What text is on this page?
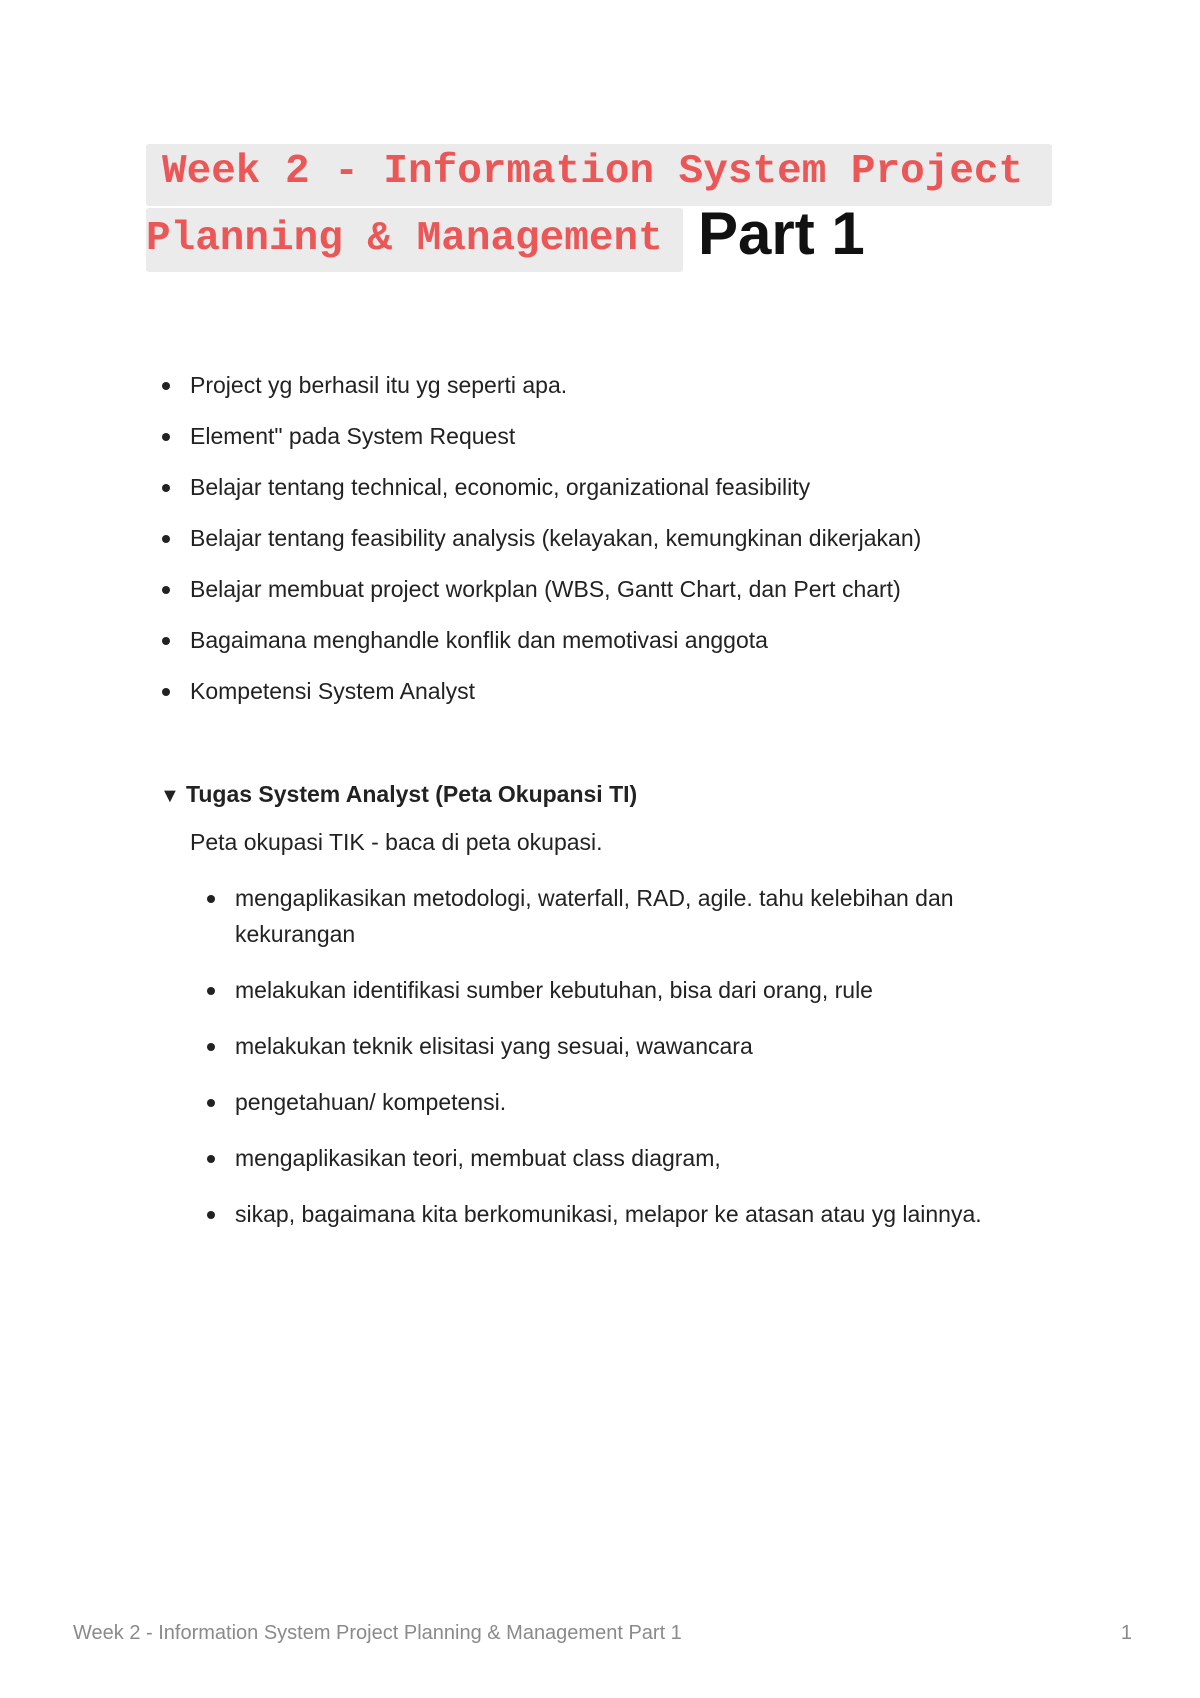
Week 2 - Information System Project
Planning & Management Part 1
Project yg berhasil itu yg seperti apa.
Element" pada System Request
Belajar tentang technical, economic, organizational feasibility
Belajar tentang feasibility analysis (kelayakan, kemungkinan dikerjakan)
Belajar membuat project workplan (WBS, Gantt Chart, dan Pert chart)
Bagaimana menghandle konflik dan memotivasi anggota
Kompetensi System Analyst
▼ Tugas System Analyst (Peta Okupansi TI)
Peta okupasi TIK - baca di peta okupasi.
mengaplikasikan metodologi, waterfall, RAD, agile. tahu kelebihan dan kekurangan
melakukan identifikasi sumber kebutuhan, bisa dari orang, rule
melakukan teknik elisitasi yang sesuai, wawancara
pengetahuan/ kompetensi.
mengaplikasikan teori, membuat class diagram,
sikap, bagaimana kita berkomunikasi, melapor ke atasan atau yg lainnya.
Week 2 - Information System Project Planning & Management Part 1	1
